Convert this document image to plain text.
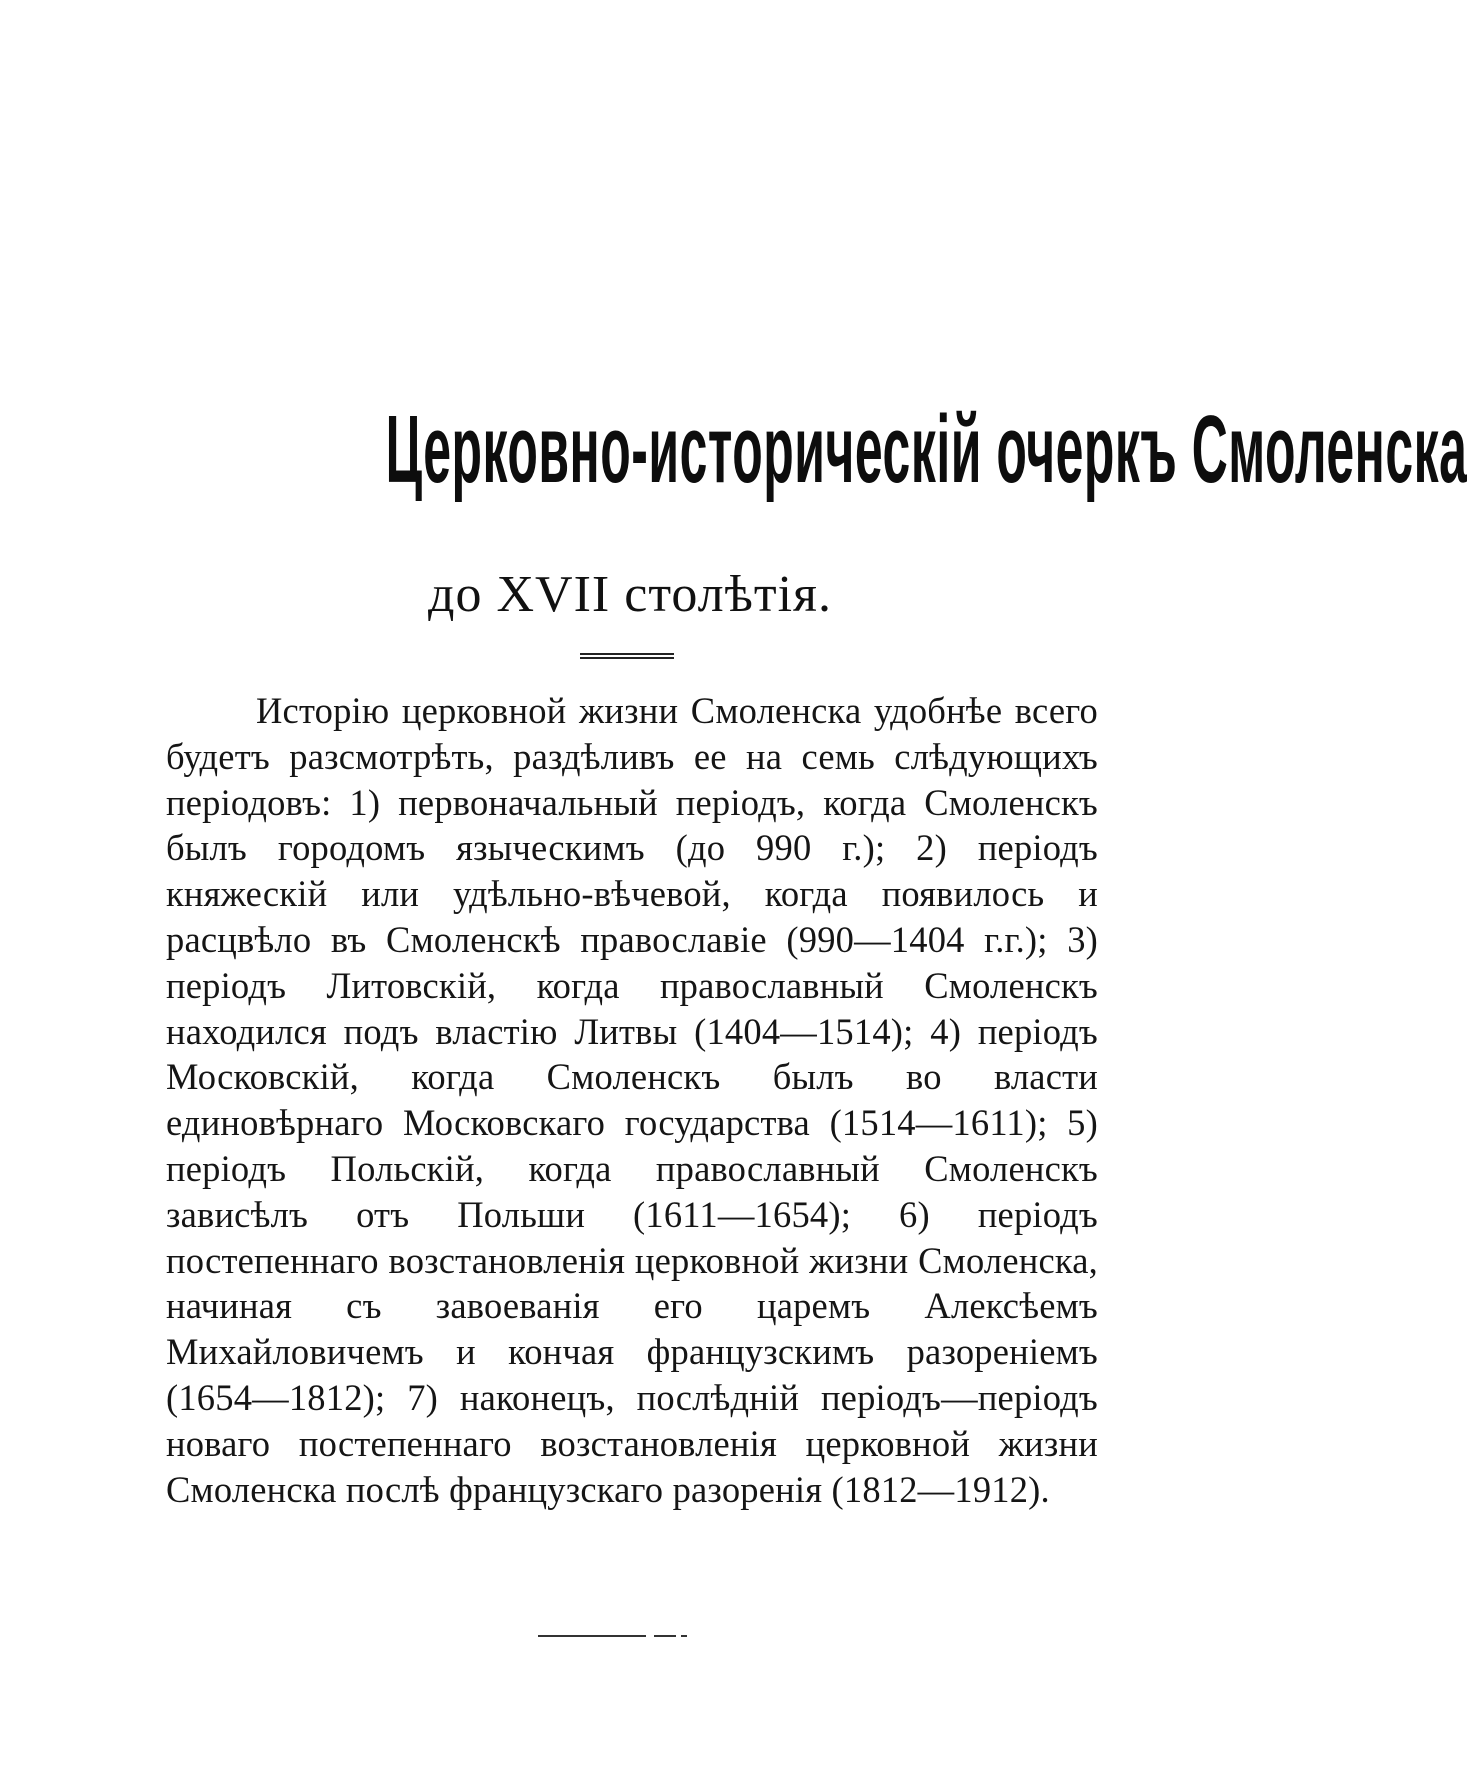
Церковно-историческій очеркъ Смоленска
до XVII столѣтія.
Исторію церковной жизни Смоленска удобнѣе всего будетъ разсмотрѣть, раздѣливъ ее на семь слѣдующихъ періодовъ: 1) первоначальный періодъ, когда Смоленскъ былъ городомъ языческимъ (до 990 г.); 2) періодъ княжескій или удѣльно-вѣчевой, когда появилось и расцвѣло въ Смоленскѣ православіе (990—1404 г.г.); 3) періодъ Литовскій, когда православный Смоленскъ находился подъ властію Литвы (1404—1514); 4) періодъ Московскій, когда Смоленскъ былъ во власти единовѣрнаго Московскаго государства (1514—1611); 5) періодъ Польскій, когда православный Смоленскъ зависѣлъ отъ Польши (1611—1654); 6) періодъ постепеннаго возстановленія церковной жизни Смоленска, начиная съ завоеванія его царемъ Алексѣемъ Михайловичемъ и кончая французскимъ разореніемъ (1654—1812); 7) наконецъ, послѣдній періодъ—періодъ новаго постепеннаго возстановленія церковной жизни Смоленска послѣ французскаго разоренія (1812—1912).
